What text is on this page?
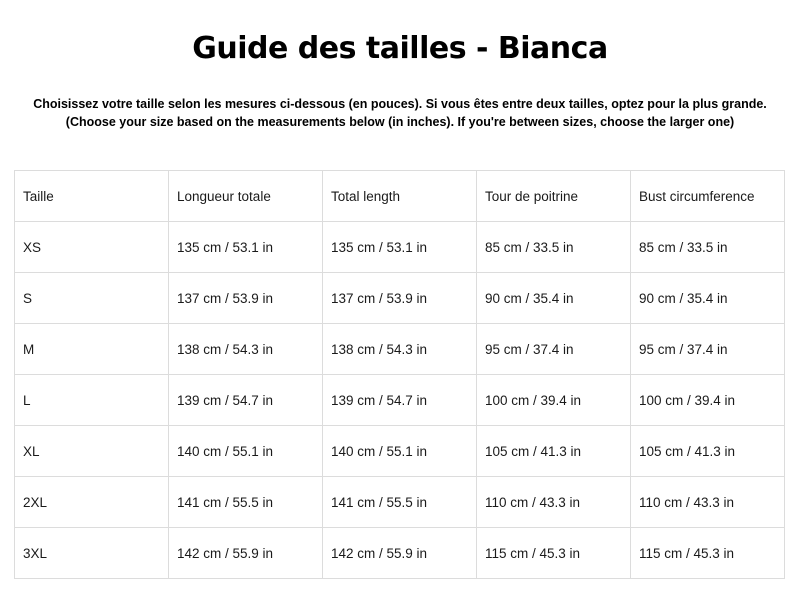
Guide des tailles - Bianca
Choisissez votre taille selon les mesures ci-dessous (en pouces). Si vous êtes entre deux tailles, optez pour la plus grande.
(Choose your size based on the measurements below (in inches). If you're between sizes, choose the larger one)
Taille	Longueur totale	Total length	Tour de poitrine	Bust circumference
XS	135 cm / 53.1 in	135 cm / 53.1 in	85 cm / 33.5 in	85 cm / 33.5 in
S	137 cm / 53.9 in	137 cm / 53.9 in	90 cm / 35.4 in	90 cm / 35.4 in
M	138 cm / 54.3 in	138 cm / 54.3 in	95 cm / 37.4 in	95 cm / 37.4 in
L	139 cm / 54.7 in	139 cm / 54.7 in	100 cm / 39.4 in	100 cm / 39.4 in
XL	140 cm / 55.1 in	140 cm / 55.1 in	105 cm / 41.3 in	105 cm / 41.3 in
2XL	141 cm / 55.5 in	141 cm / 55.5 in	110 cm / 43.3 in	110 cm / 43.3 in
3XL	142 cm / 55.9 in	142 cm / 55.9 in	115 cm / 45.3 in	115 cm / 45.3 in
